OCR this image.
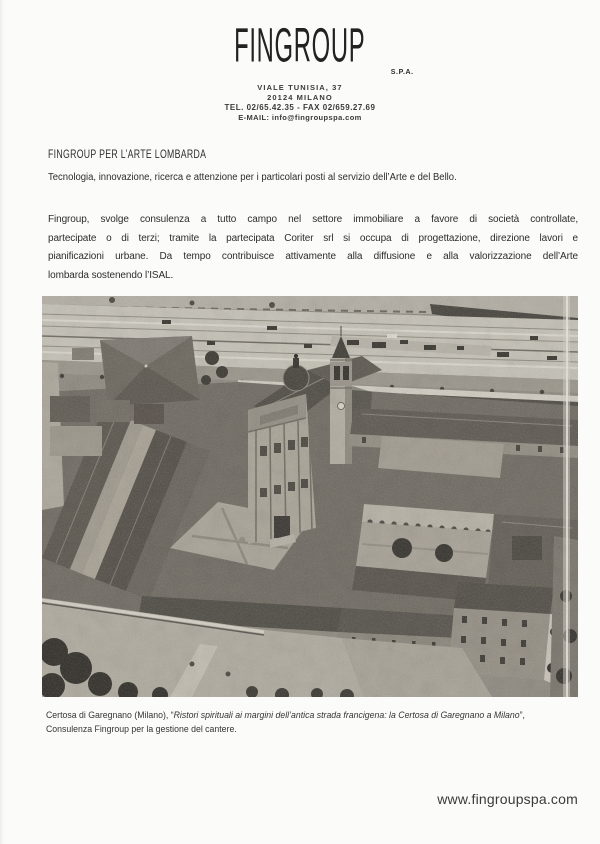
FINGROUP	S.P.A.
VIALE TUNISIA, 37
20124 MILANO
TEL. 02/65.42.35 - FAX 02/659.27.69
E-MAIL: info@fingroupspa.com
FINGROUP PER L’ARTE LOMBARDA
Tecnologia, innovazione, ricerca e attenzione per i particolari posti al servizio dell’Arte e del Bello.
Fingroup, svolge consulenza a tutto campo nel settore immobiliare a favore di società controllate,
partecipate o di terzi; tramite la partecipata Coriter srl si occupa di progettazione, direzione lavori e
pianificazioni urbane. Da tempo contribuisce attivamente alla diffusione e alla valorizzazione dell’Arte
lombarda sostenendo l’ISAL.
Certosa di Garegnano (Milano), “Ristori spirituali ai margini dell’antica strada francigena: la Certosa di Garegnano a Milano”,
Consulenza Fingroup per la gestione del cantere.
www.fingroupspa.com
